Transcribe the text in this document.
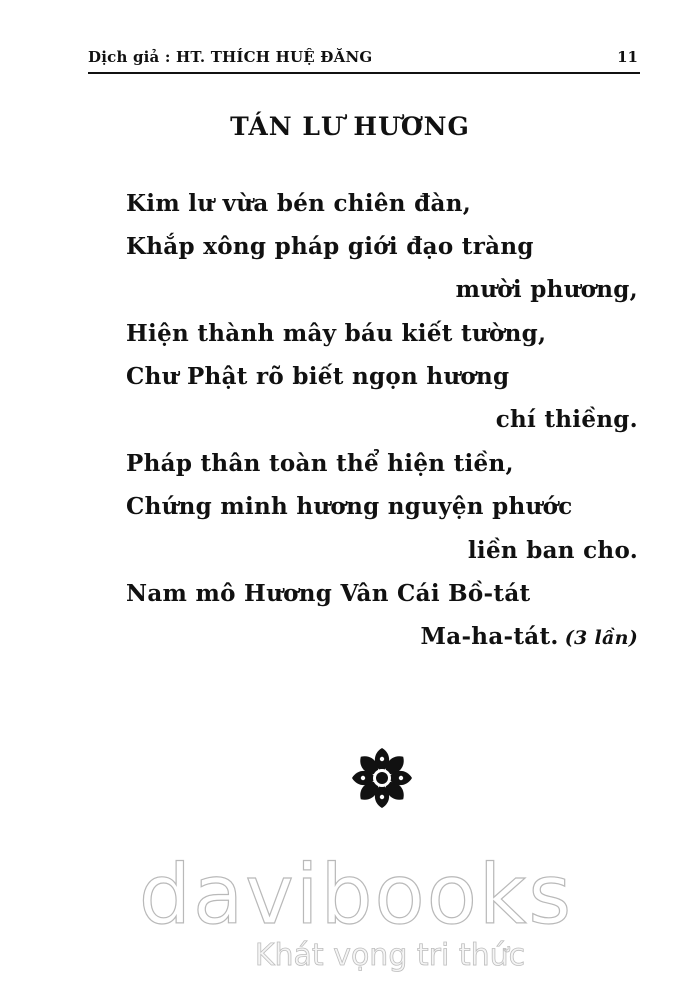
Dịch giả : HT. THÍCH HUỆ ĐĂNG	11
TÁN LƯ HƯƠNG
Kim lư vừa bén chiên đàn,
Khắp xông pháp giới đạo tràng
mười phương,
Hiện thành mây báu kiết tường,
Chư Phật rõ biết ngọn hương
chí thiềng.
Pháp thân toàn thể hiện tiền,
Chứng minh hương nguyện phước
liền ban cho.
Nam mô Hương Vân Cái Bồ-tát
Ma-ha-tát. (3 lần)
davibooks
Khát vọng tri thức
